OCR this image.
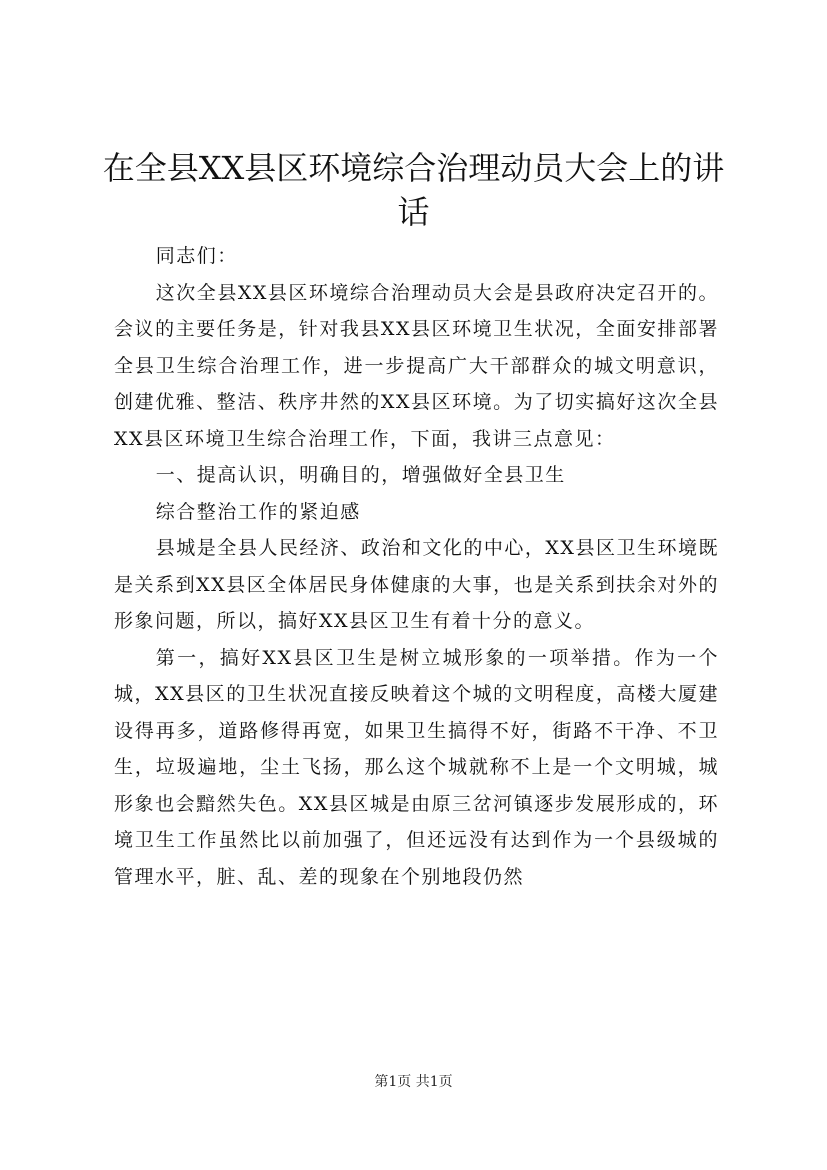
在全县XX县区环境综合治理动员大会上的讲话

同志们：

这次全县XX县区环境综合治理动员大会是县政府决定召开的。会议的主要任务是，针对我县XX县区环境卫生状况，全面安排部署全县卫生综合治理工作，进一步提高广大干部群众的城文明意识，创建优雅、整洁、秩序井然的XX县区环境。为了切实搞好这次全县XX县区环境卫生综合治理工作，下面，我讲三点意见：

一、提高认识，明确目的，增强做好全县卫生

综合整治工作的紧迫感

县城是全县人民经济、政治和文化的中心，XX县区卫生环境既是关系到XX县区全体居民身体健康的大事，也是关系到扶余对外的形象问题，所以，搞好XX县区卫生有着十分的意义。

第一，搞好XX县区卫生是树立城形象的一项举措。作为一个城，XX县区的卫生状况直接反映着这个城的文明程度，高楼大厦建设得再多，道路修得再宽，如果卫生搞得不好，街路不干净、不卫生，垃圾遍地，尘土飞扬，那么这个城就称不上是一个文明城，城形象也会黯然失色。XX县区城是由原三岔河镇逐步发展形成的，环境卫生工作虽然比以前加强了，但还远没有达到作为一个县级城的管理水平，脏、乱、差的现象在个别地段仍然

第1页 共1页
